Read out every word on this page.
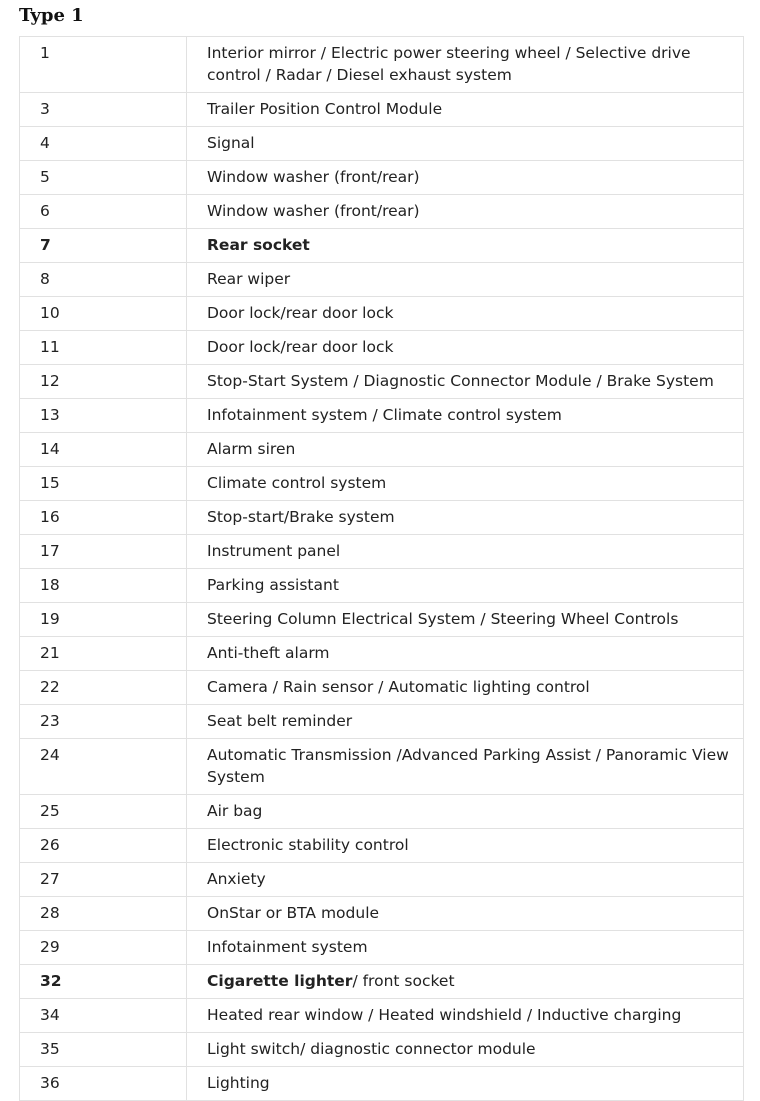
Type 1
1	Interior mirror / Electric power steering wheel / Selective drive control / Radar / Diesel exhaust system
3	Trailer Position Control Module
4	Signal
5	Window washer (front/rear)
6	Window washer (front/rear)
7	Rear socket
8	Rear wiper
10	Door lock/rear door lock
11	Door lock/rear door lock
12	Stop-Start System / Diagnostic Connector Module / Brake System
13	Infotainment system / Climate control system
14	Alarm siren
15	Climate control system
16	Stop-start/Brake system
17	Instrument panel
18	Parking assistant
19	Steering Column Electrical System / Steering Wheel Controls
21	Anti-theft alarm
22	Camera / Rain sensor / Automatic lighting control
23	Seat belt reminder
24	Automatic Transmission /Advanced Parking Assist / Panoramic View System
25	Air bag
26	Electronic stability control
27	Anxiety
28	OnStar or BTA module
29	Infotainment system
32	Cigarette lighter/ front socket
34	Heated rear window / Heated windshield / Inductive charging
35	Light switch/ diagnostic connector module
36	Lighting
